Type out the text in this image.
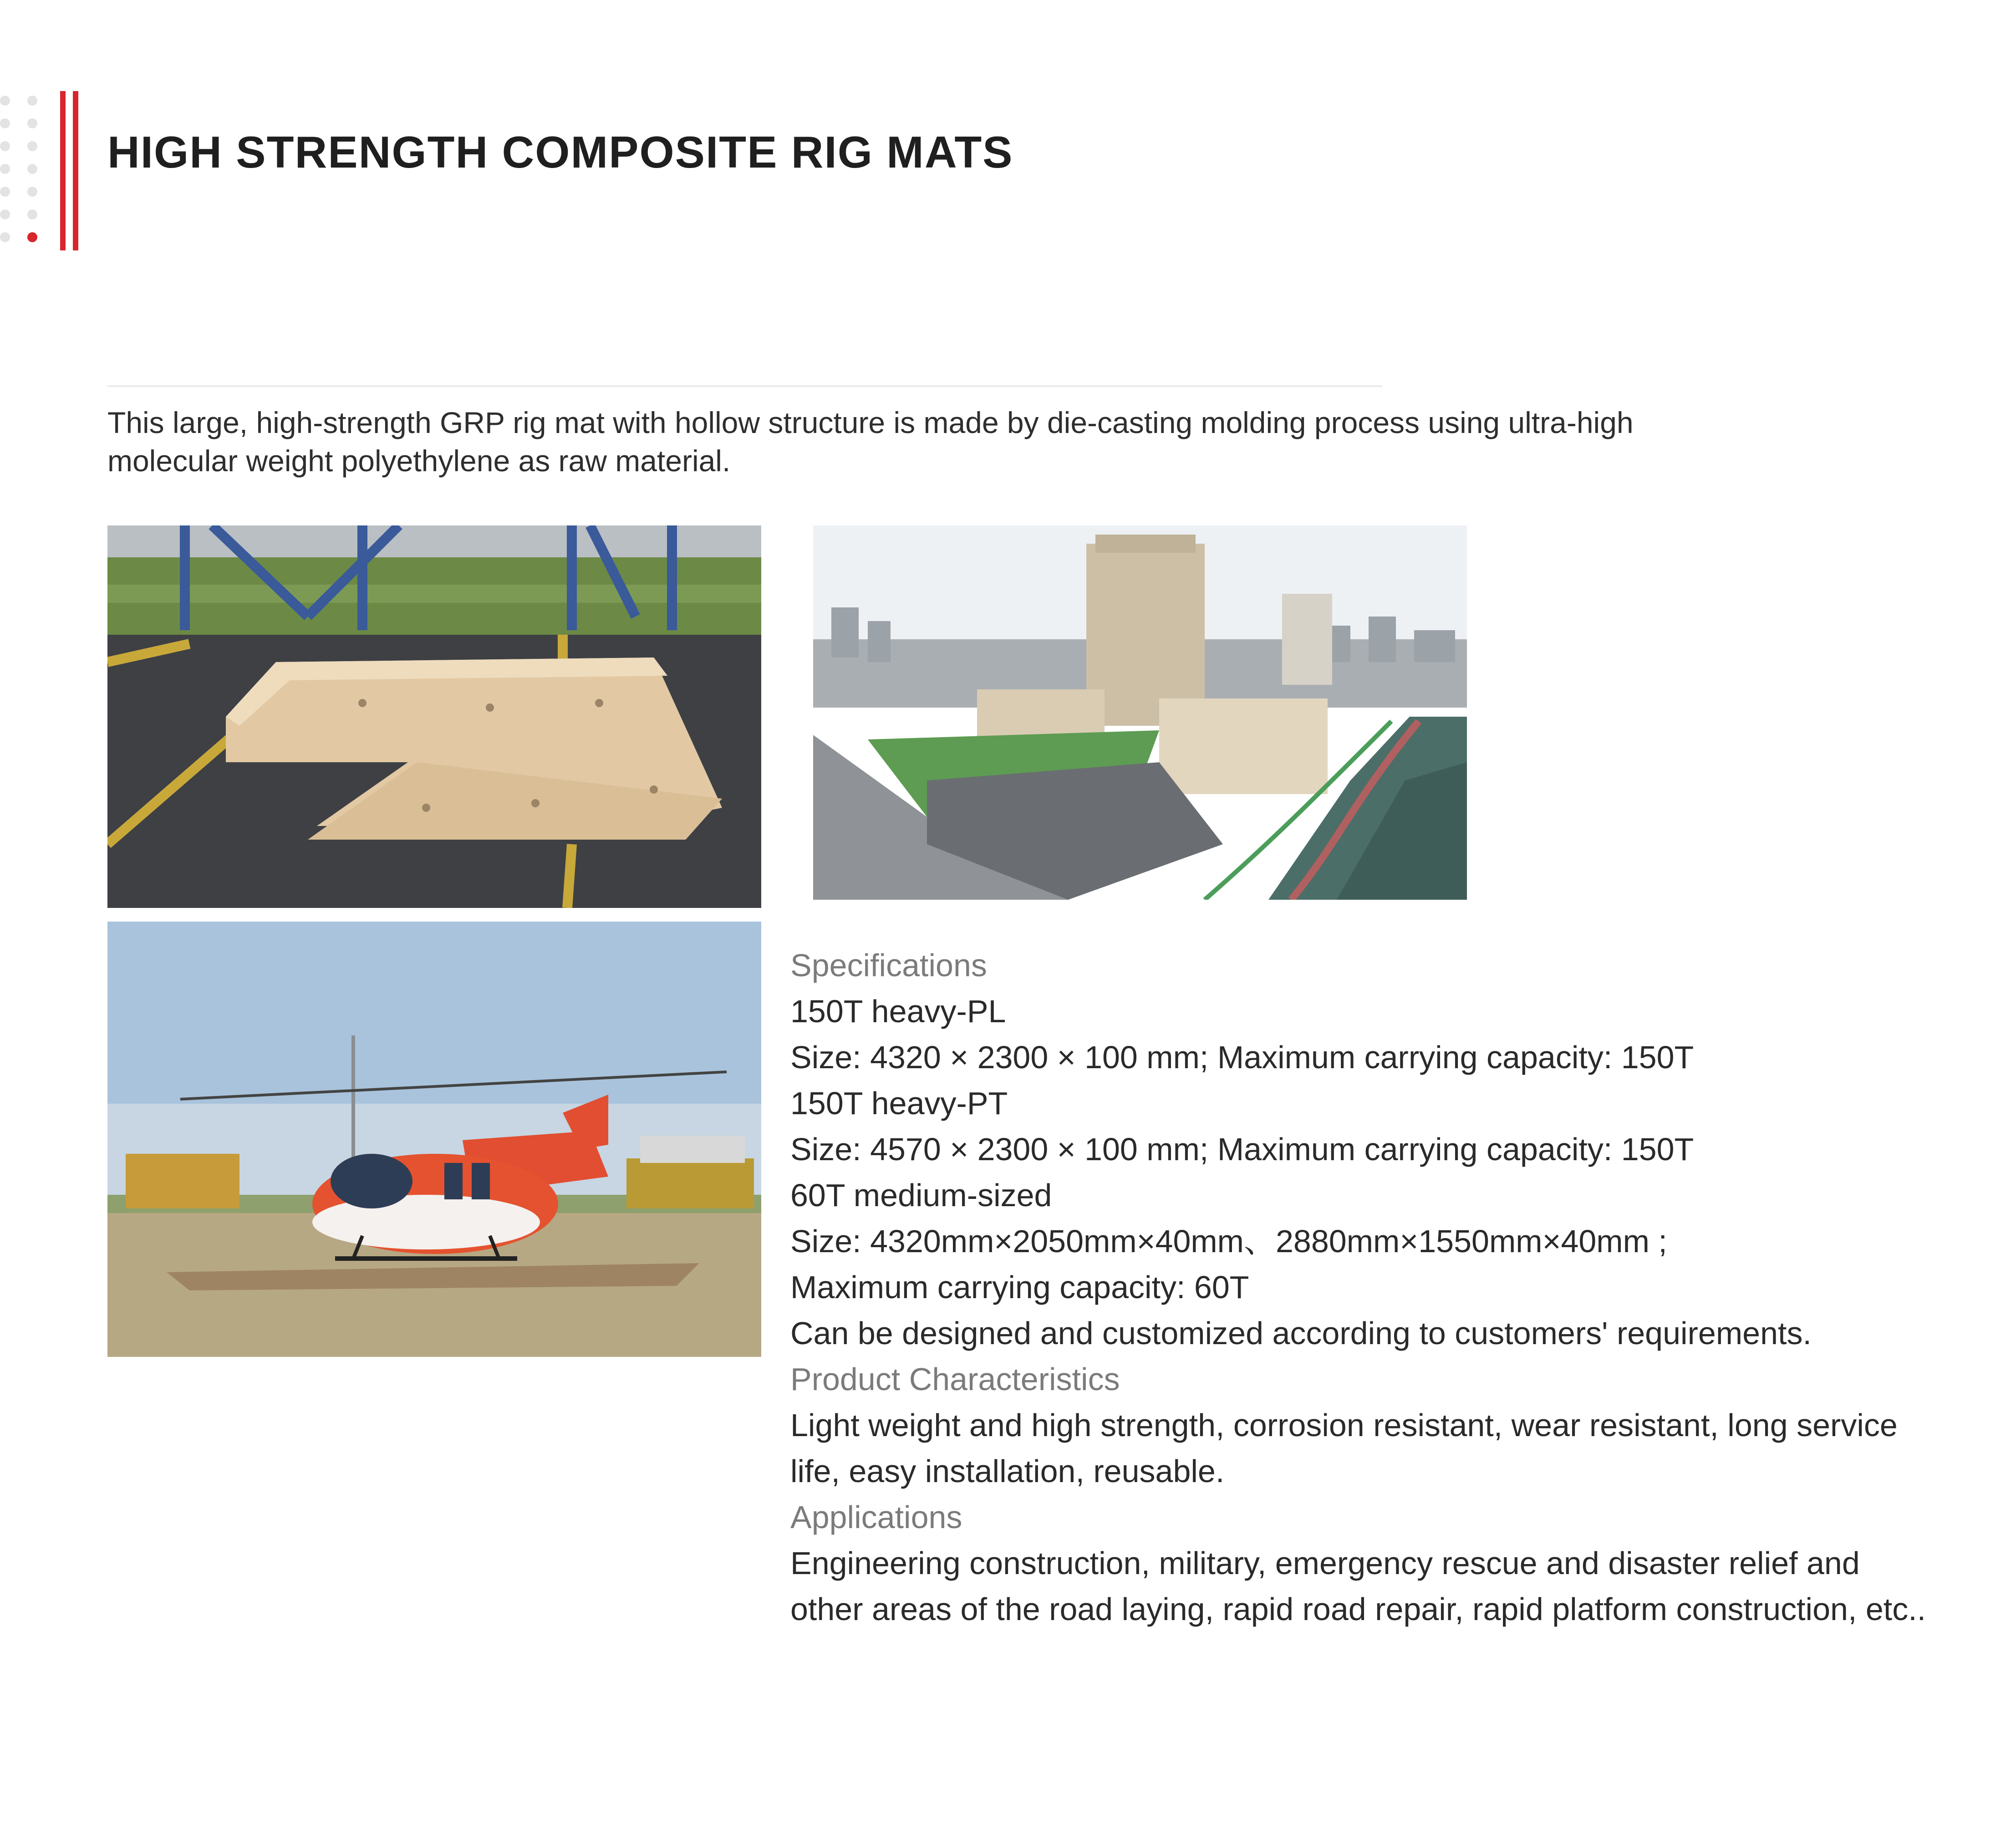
HIGH STRENGTH COMPOSITE RIG MATS
This large, high-strength GRP rig mat with hollow structure is made by die-casting molding process using ultra-high molecular weight polyethylene as raw material.
Specifications
150T heavy-PL
Size: 4320 × 2300 × 100 mm; Maximum carrying capacity: 150T
150T heavy-PT
Size: 4570 × 2300 × 100 mm; Maximum carrying capacity: 150T
60T medium-sized
Size: 4320mm×2050mm×40mm、2880mm×1550mm×40mm ;
Maximum carrying capacity: 60T
Can be designed and customized according to customers' requirements.
Product Characteristics
Light weight and high strength, corrosion resistant, wear resistant, long service life, easy installation, reusable.
Applications
Engineering construction, military, emergency rescue and disaster relief and other areas of the road laying, rapid road repair, rapid platform construction, etc..
